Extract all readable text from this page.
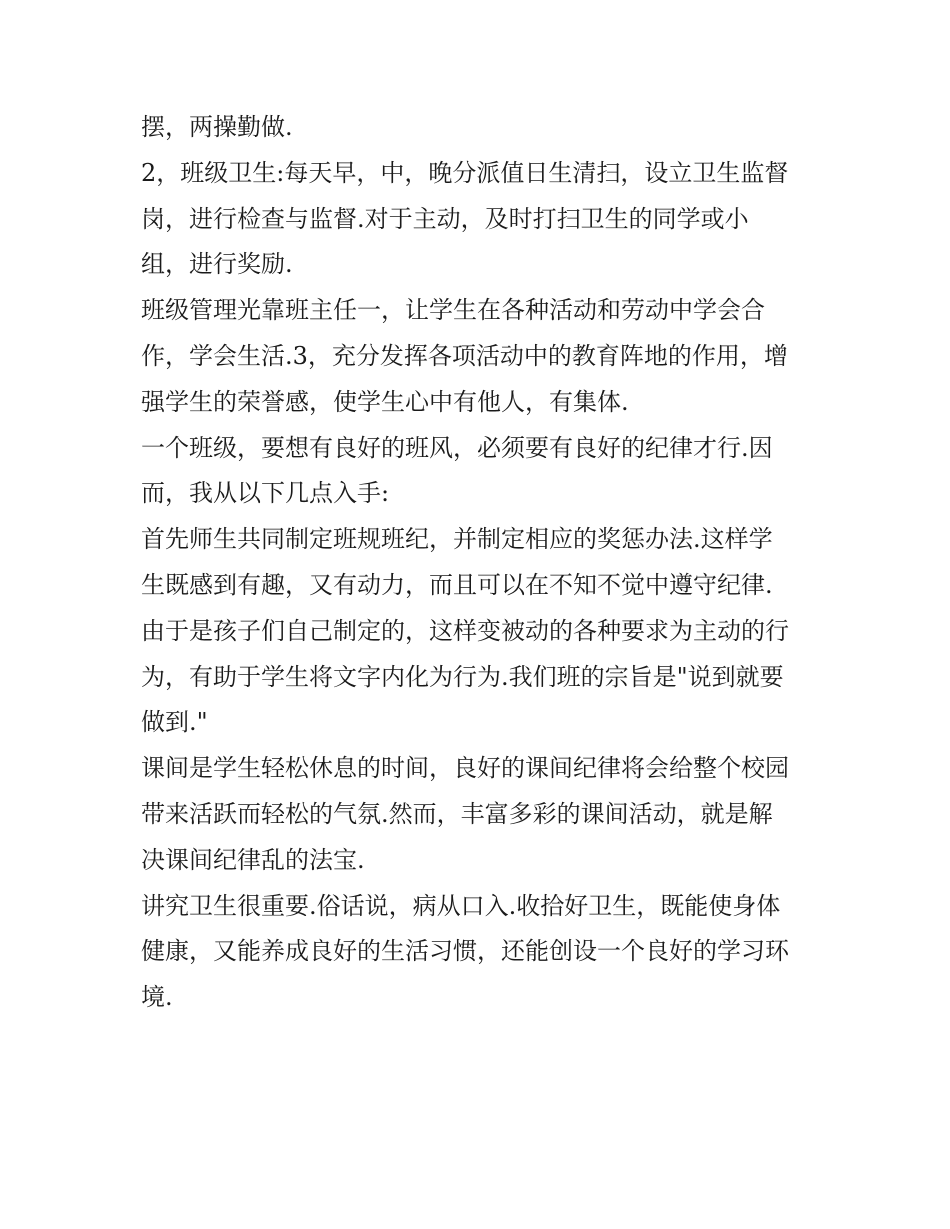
摆，两操勤做.
2，班级卫生:每天早，中，晚分派值日生清扫，设立卫生监督
岗，进行检查与监督.对于主动，及时打扫卫生的同学或小
组，进行奖励.
班级管理光靠班主任一，让学生在各种活动和劳动中学会合
作，学会生活.3，充分发挥各项活动中的教育阵地的作用，增
强学生的荣誉感，使学生心中有他人，有集体.
一个班级，要想有良好的班风，必须要有良好的纪律才行.因
而，我从以下几点入手:
首先师生共同制定班规班纪，并制定相应的奖惩办法.这样学
生既感到有趣，又有动力，而且可以在不知不觉中遵守纪律.
由于是孩子们自己制定的，这样变被动的各种要求为主动的行
为，有助于学生将文字内化为行为.我们班的宗旨是"说到就要
做到."
课间是学生轻松休息的时间，良好的课间纪律将会给整个校园
带来活跃而轻松的气氛.然而，丰富多彩的课间活动，就是解
决课间纪律乱的法宝.
讲究卫生很重要.俗话说，病从口入.收拾好卫生，既能使身体
健康，又能养成良好的生活习惯，还能创设一个良好的学习环
境.
